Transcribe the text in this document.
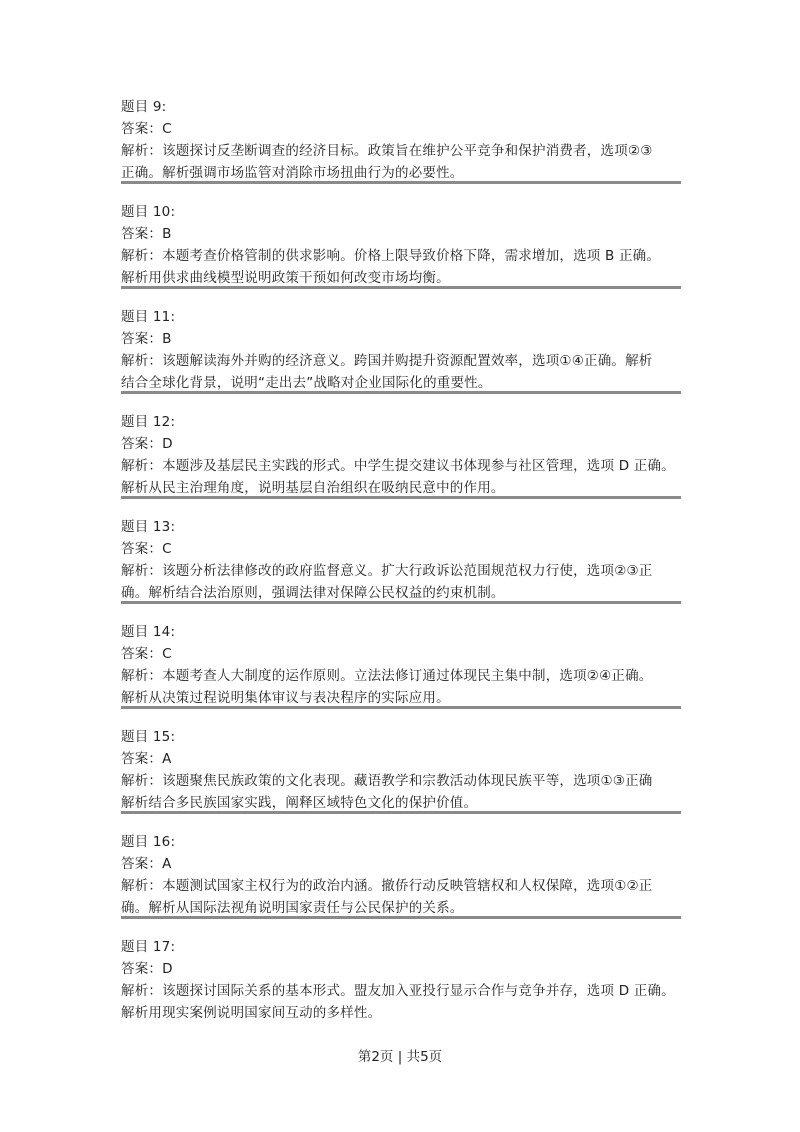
题目 9:
答案：C
解析：该题探讨反垄断调查的经济目标。政策旨在维护公平竞争和保护消费者，选项②③
正确。解析强调市场监管对消除市场扭曲行为的必要性。
题目 10:
答案：B
解析：本题考查价格管制的供求影响。价格上限导致价格下降，需求增加，选项 B 正确。
解析用供求曲线模型说明政策干预如何改变市场均衡。
题目 11:
答案：B
解析：该题解读海外并购的经济意义。跨国并购提升资源配置效率，选项①④正确。解析
结合全球化背景，说明“走出去”战略对企业国际化的重要性。
题目 12:
答案：D
解析：本题涉及基层民主实践的形式。中学生提交建议书体现参与社区管理，选项 D 正确。
解析从民主治理角度，说明基层自治组织在吸纳民意中的作用。
题目 13:
答案：C
解析：该题分析法律修改的政府监督意义。扩大行政诉讼范围规范权力行使，选项②③正
确。解析结合法治原则，强调法律对保障公民权益的约束机制。
题目 14:
答案：C
解析：本题考查人大制度的运作原则。立法法修订通过体现民主集中制，选项②④正确。
解析从决策过程说明集体审议与表决程序的实际应用。
题目 15:
答案：A
解析：该题聚焦民族政策的文化表现。藏语教学和宗教活动体现民族平等，选项①③正确
解析结合多民族国家实践，阐释区域特色文化的保护价值。
题目 16:
答案：A
解析：本题测试国家主权行为的政治内涵。撤侨行动反映管辖权和人权保障，选项①②正
确。解析从国际法视角说明国家责任与公民保护的关系。
题目 17:
答案：D
解析：该题探讨国际关系的基本形式。盟友加入亚投行显示合作与竞争并存，选项 D 正确。
解析用现实案例说明国家间互动的多样性。
第2页 | 共5页
